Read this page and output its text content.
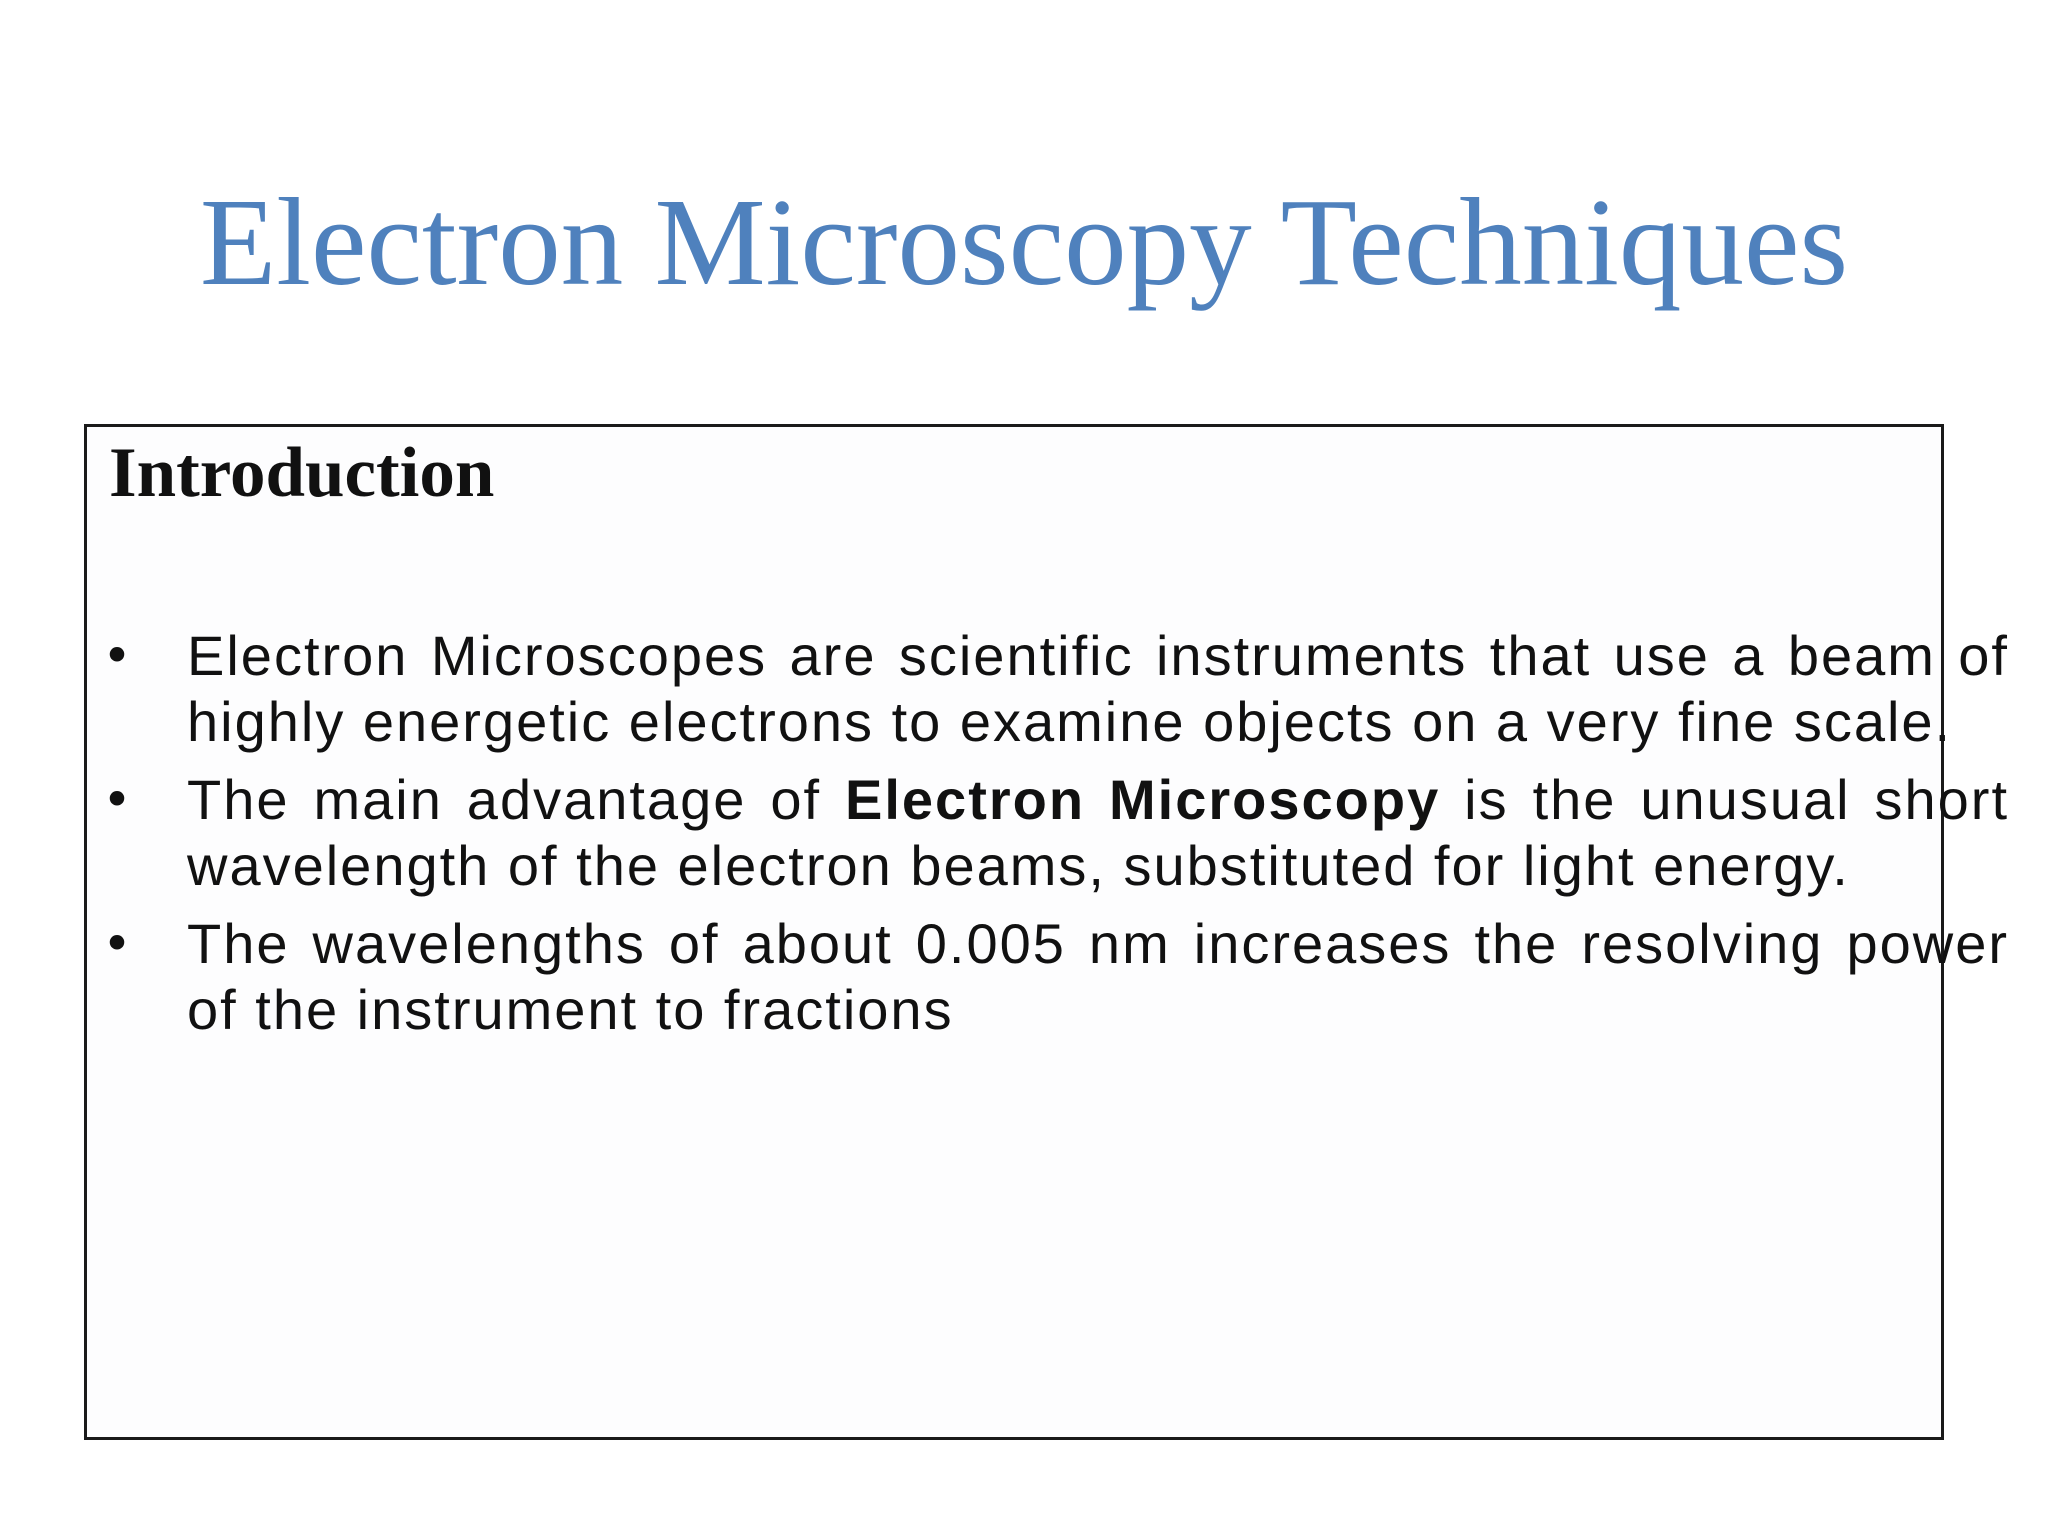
Electron Microscopy Techniques
Introduction
• Electron Microscopes are scientific instruments that use a beam of highly energetic electrons to examine objects on a very fine scale.
• The main advantage of Electron Microscopy is the unusual short wavelength of the electron beams, substituted for light energy.
• The wavelengths of about 0.005 nm increases the resolving power of the instrument to fractions
